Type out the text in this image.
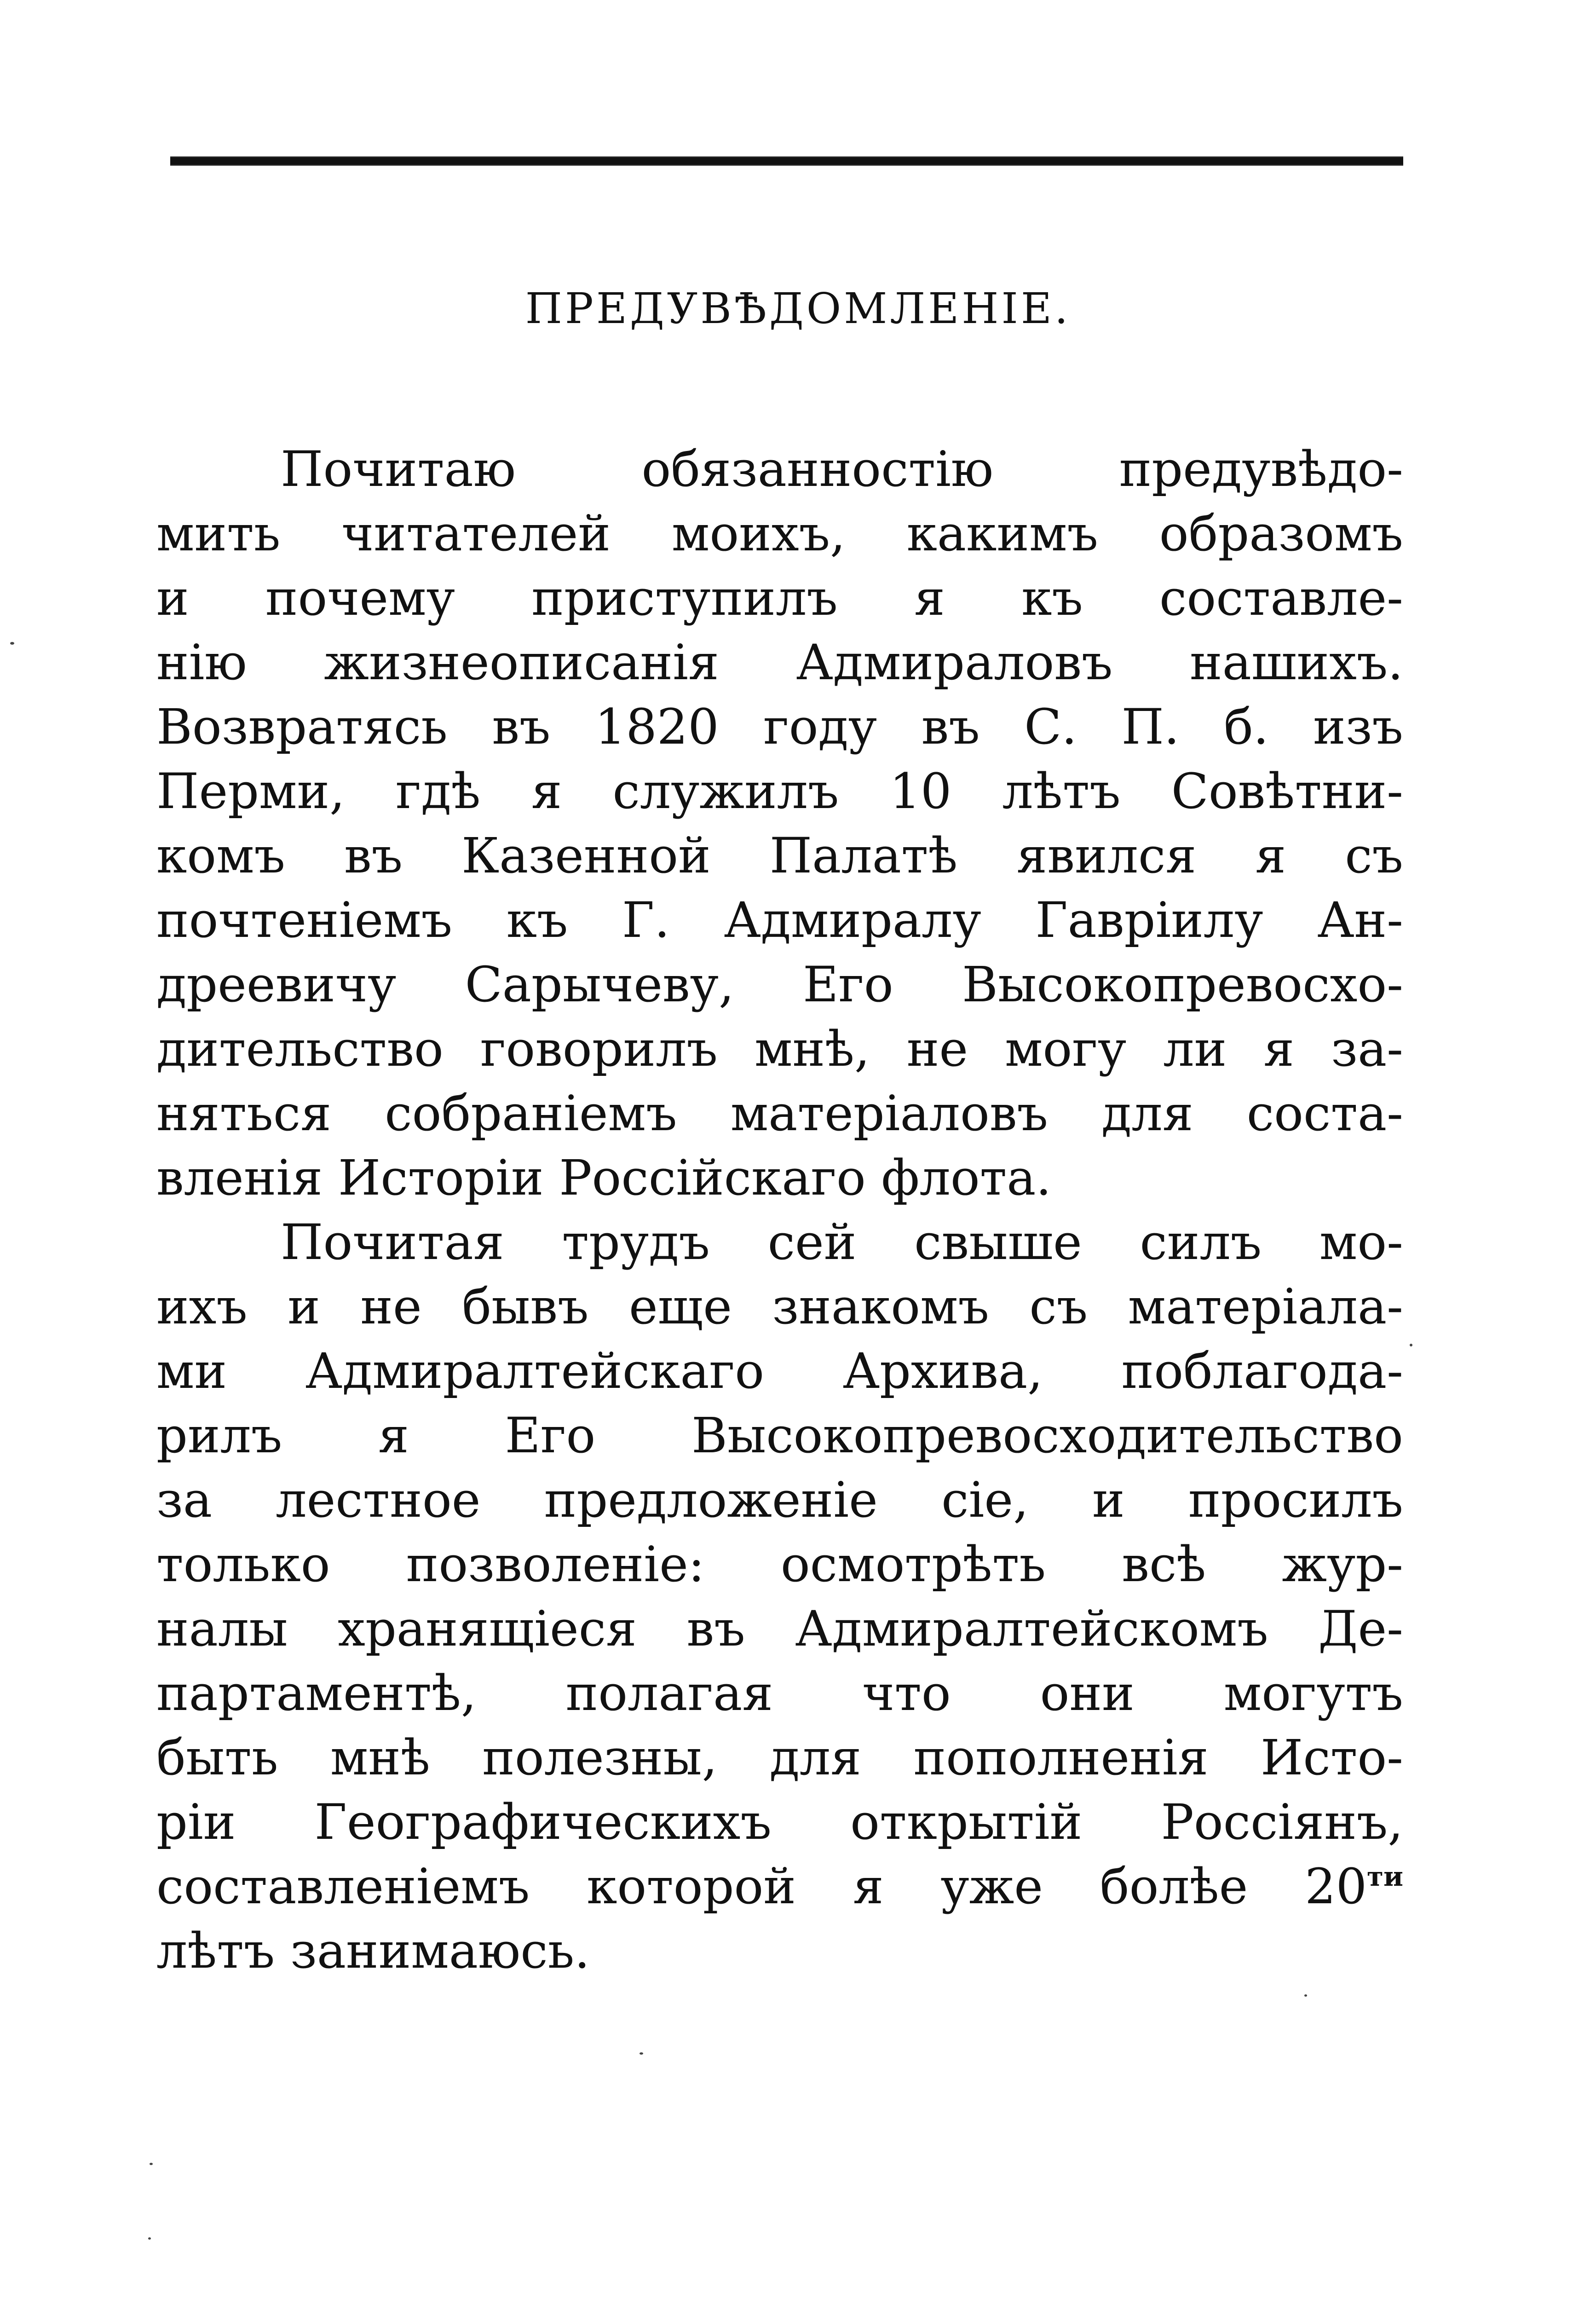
ПРЕДУВѢДОМЛЕНІЕ.
Почитаю обязанностію предувѣдо-
мить читателей моихъ, какимъ образомъ
и почему приступилъ я къ составле-
нію жизнеописанія Адмираловъ нашихъ.
Возвратясь въ 1820 году въ С. П. б. изъ
Перми, гдѣ я служилъ 10 лѣтъ Совѣтни-
комъ въ Казенной Палатѣ явился я съ
почтеніемъ къ Г. Адмиралу Гавріилу Ан-
дреевичу Сарычеву, Его Высокопревосхо-
дительство говорилъ мнѣ, не могу ли я за-
няться собраніемъ матеріаловъ для соста-
вленія Исторіи Россійскаго флота.
Почитая трудъ сей свыше силъ мо-
ихъ и не бывъ еще знакомъ съ матеріала-
ми Адмиралтейскаго Архива, поблагода-
рилъ я Его Высокопревосходительство
за лестное предложеніе сіе, и просилъ
только позволеніе: осмотрѣть всѣ жур-
налы хранящіеся въ Адмиралтейскомъ Де-
партаментѣ, полагая что они могутъ
быть мнѣ полезны, для пополненія Исто-
ріи Географическихъ открытій Россіянъ,
составленіемъ которой я уже болѣе $20^{ти}$
лѣтъ занимаюсь.
